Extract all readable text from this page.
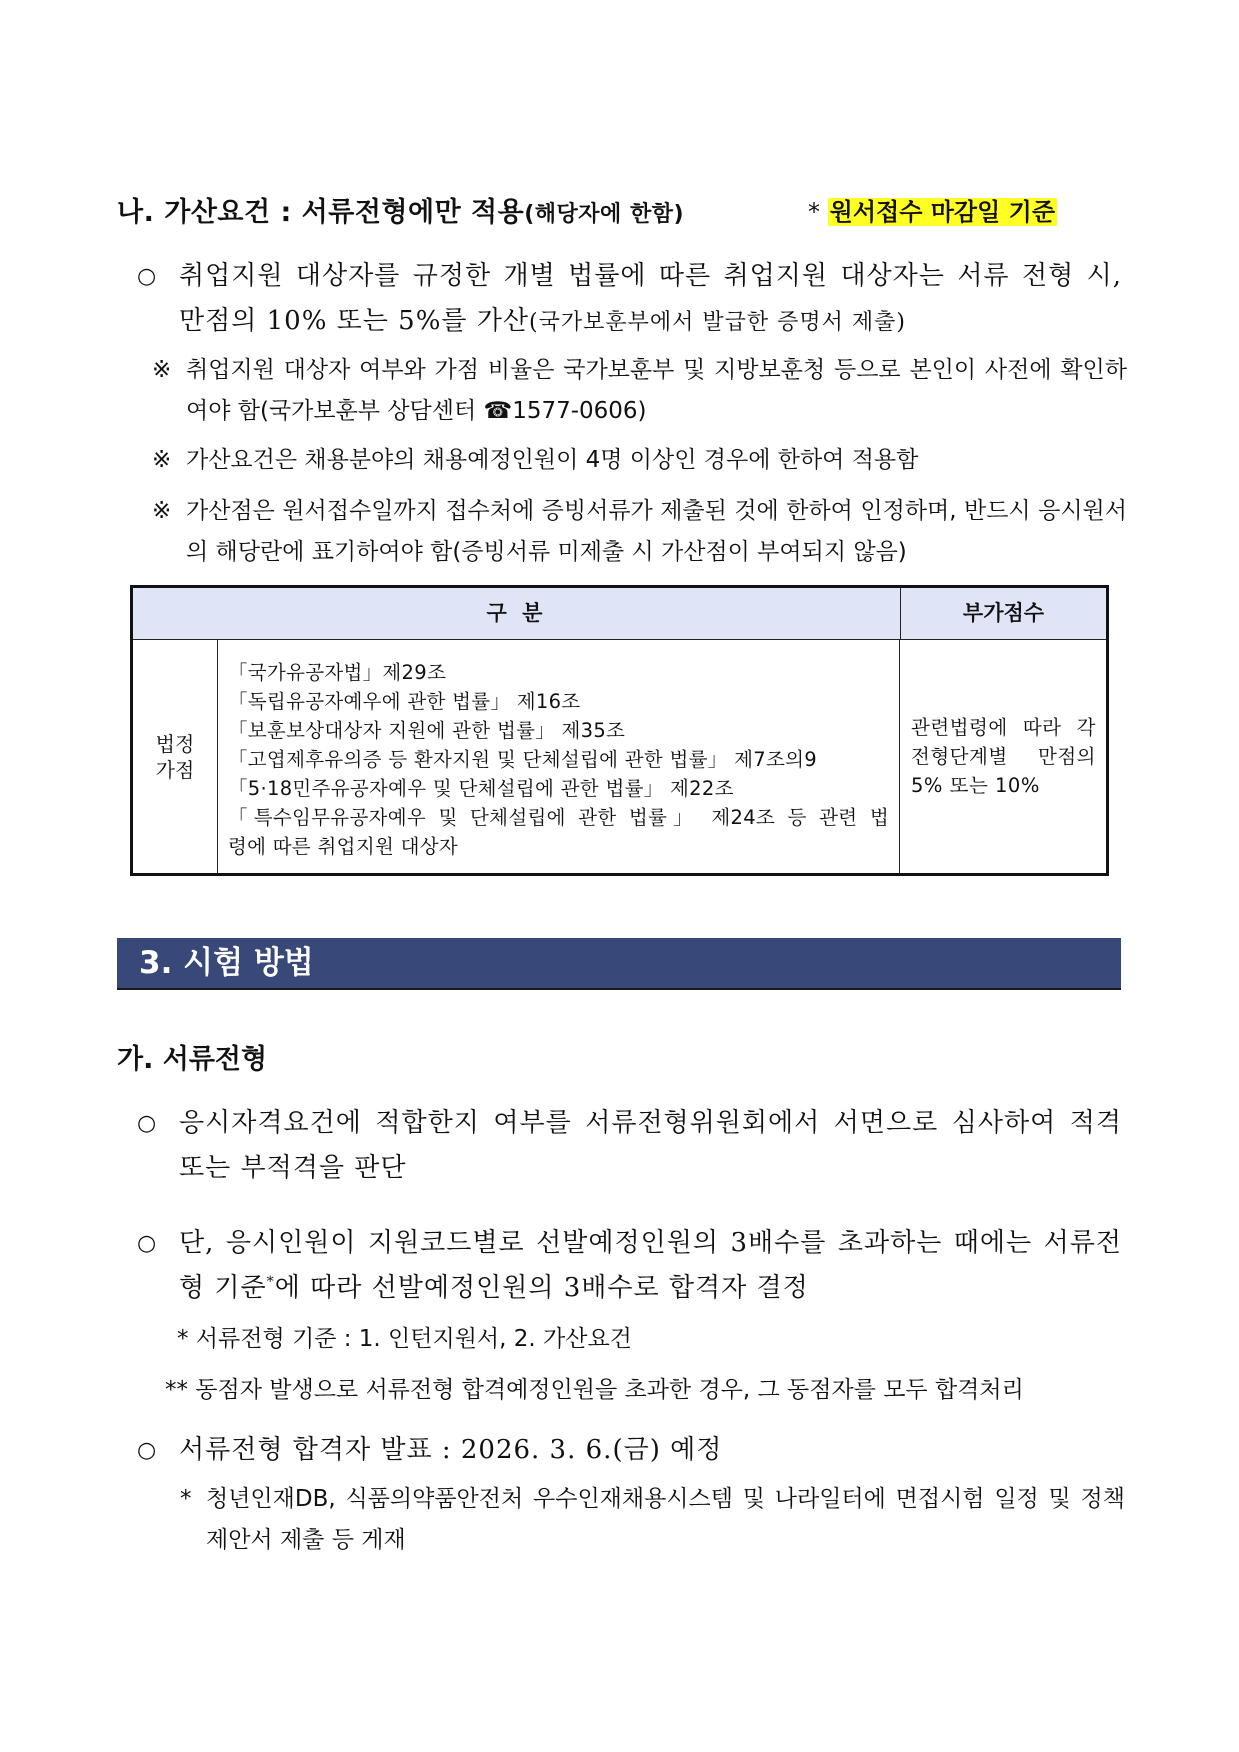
나. 가산요건 : 서류전형에만 적용(해당자에 한함)	* 원서접수 마감일 기준
○ 취업지원 대상자를 규정한 개별 법률에 따른 취업지원 대상자는 서류 전형 시, 만점의 10% 또는 5%를 가산(국가보훈부에서 발급한 증명서 제출)
※ 취업지원 대상자 여부와 가점 비율은 국가보훈부 및 지방보훈청 등으로 본인이 사전에 확인하여야 함(국가보훈부 상담센터 ☎1577-0606)
※ 가산요건은 채용분야의 채용예정인원이 4명 이상인 경우에 한하여 적용함
※ 가산점은 원서접수일까지 접수처에 증빙서류가 제출된 것에 한하여 인정하며, 반드시 응시원서의 해당란에 표기하여야 함(증빙서류 미제출 시 가산점이 부여되지 않음)
구 분	부가점수
법정
가점
「국가유공자법」제29조
「독립유공자예우에 관한 법률」 제16조
「보훈보상대상자 지원에 관한 법률」 제35조
「고엽제후유의증 등 환자지원 및 단체설립에 관한 법률」 제7조의9
「5·18민주유공자예우 및 단체설립에 관한 법률」 제22조
「특수임무유공자예우 및 단체설립에 관한 법률」 제24조 등 관련 법
령에 따른 취업지원 대상자
관련법령에 따라 각 전형단계별 만점의 5% 또는 10%
3. 시험 방법
가. 서류전형
○ 응시자격요건에 적합한지 여부를 서류전형위원회에서 서면으로 심사하여 적격 또는 부적격을 판단
○ 단, 응시인원이 지원코드별로 선발예정인원의 3배수를 초과하는 때에는 서류전형 기준*에 따라 선발예정인원의 3배수로 합격자 결정
* 서류전형 기준 : 1. 인턴지원서, 2. 가산요건
** 동점자 발생으로 서류전형 합격예정인원을 초과한 경우, 그 동점자를 모두 합격처리
○ 서류전형 합격자 발표 : 2026. 3. 6.(금) 예정
* 청년인재DB, 식품의약품안전처 우수인재채용시스템 및 나라일터에 면접시험 일정 및 정책제안서 제출 등 게재
